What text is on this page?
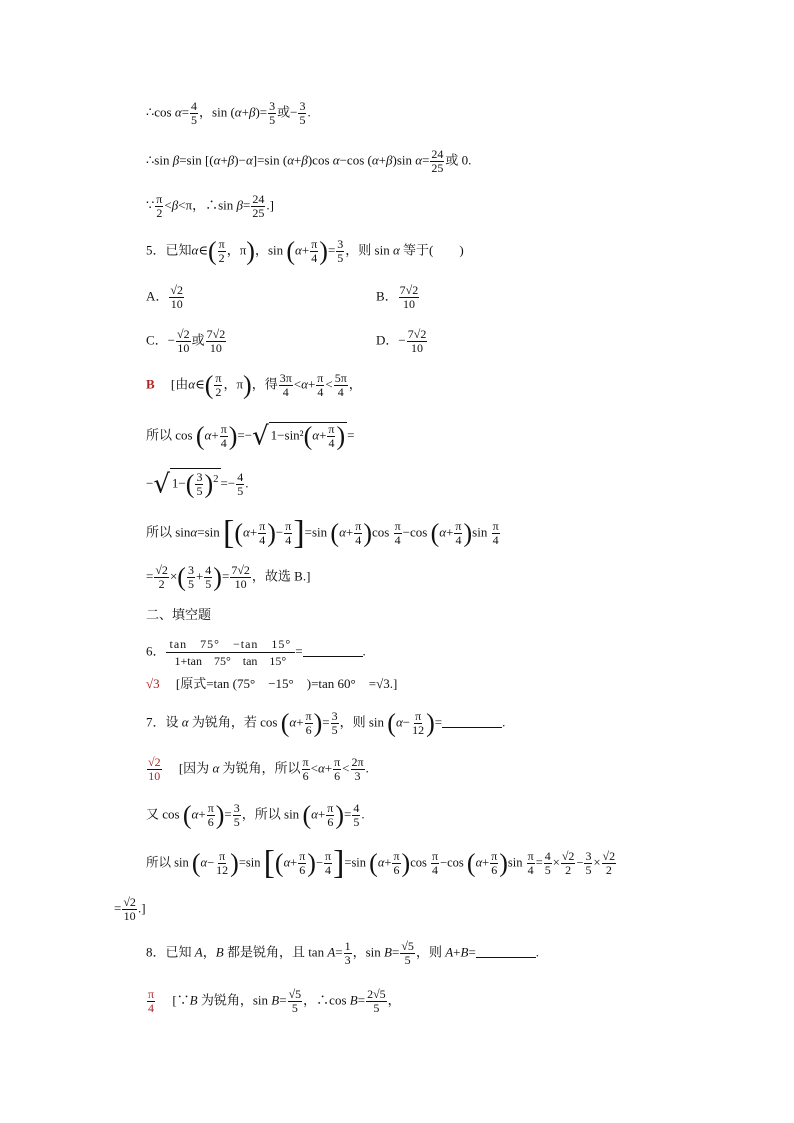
∴cos $\alpha= \frac{4}{5}$ ，$\sin (\alpha+\beta)= \frac{3}{5}$ 或− $\frac{3}{5}$ .
∴sin β=sin [(α+β)−α]=sin (α+β)cos α−cos (α+β)sin $\alpha= \frac{24}{25}$ 或 0.
∵ $\frac{\pi}{2} <\beta<\pi$，∴sin $\beta= \frac{24}{25}$ .]
5．已知α∈( $\frac{\pi}{2}$ ，π)，$\sin (\alpha+ \frac{\pi}{4}$ )= $\frac{3}{5}$ ，则 sin α 等于(　　)
A． $\frac{√2}{10}$	B． $\frac{7√2}{10}$
C．− $\frac{√2}{10}$ 或 $\frac{7√2}{10}$	D．− $\frac{7√2}{10}$
B 　[由α∈( $\frac{\pi}{2}$ ，π)，得 $\frac{3\pi}{4} <\alpha+ \frac{\pi}{4} < \frac{5\pi}{4}$ ，
所以 $\cos (\alpha+ \frac{\pi}{4}$ )=−√ $1-\sin^2(\alpha+ \frac{\pi}{4}$ ) =
−√ $1-( \frac{3}{5} )^2 =- \frac{4}{5}$ .
所以 sinα=sin [($\alpha+ \frac{\pi}{4}$ )− $\frac{\pi}{4} ]=\sin$ $(\alpha+ \frac{\pi}{4} )\cos \frac{\pi}{4} -\cos$ $(\alpha+ \frac{\pi}{4} )\sin \frac{\pi}{4}$
= $\frac{√2}{2}$ ×( $\frac{3}{5} + \frac{4}{5}$ )= $\frac{7√2}{10}$ ，故选 B.]
二、填空题
6． $\frac{\tan 75^\circ -\tan 15^\circ}{1+\tan 75^\circ \tan 15^\circ}$ =	.
√3 　[原式=tan (75°　−15°　)=tan 60°　=√3.]
7．设 α 为锐角，若 $\cos (\alpha+ \frac{\pi}{6}$ )= $\frac{3}{5}$ ，则 $\sin (\alpha- \frac{\pi}{12}$ )=	.
$\frac{√2}{10}$ 　[因为 α 为锐角，所以 $\frac{\pi}{6} <\alpha+ \frac{\pi}{6} < \frac{2\pi}{3}$ .
又 $\cos (\alpha+ \frac{\pi}{6}$ )= $\frac{3}{5}$ ，所以 $\sin (\alpha+ \frac{\pi}{6}$ )= $\frac{4}{5}$ .
所以 $\sin (\alpha- \frac{\pi}{12} )=\sin$ [($\alpha+ \frac{\pi}{6}$ )− $\frac{\pi}{4} ]=\sin$ $(\alpha+ \frac{\pi}{6} )\cos \frac{\pi}{4} -\cos$ $(\alpha+ \frac{\pi}{6} )\sin \frac{\pi}{4} = \frac{4}{5} \times \frac{√2}{2} - \frac{3}{5} \times \frac{√2}{2}$
= $\frac{√2}{10}$ .]
8．已知 A，B 都是锐角，且 $\tan A= \frac{1}{3}$ ，$\sin B= \frac{√5}{5}$ ，则 A+B=	.
$\frac{\pi}{4}$ 　[∵B 为锐角，$\sin B= \frac{√5}{5}$ ，∴cos $B= \frac{2√5}{5}$ ，
